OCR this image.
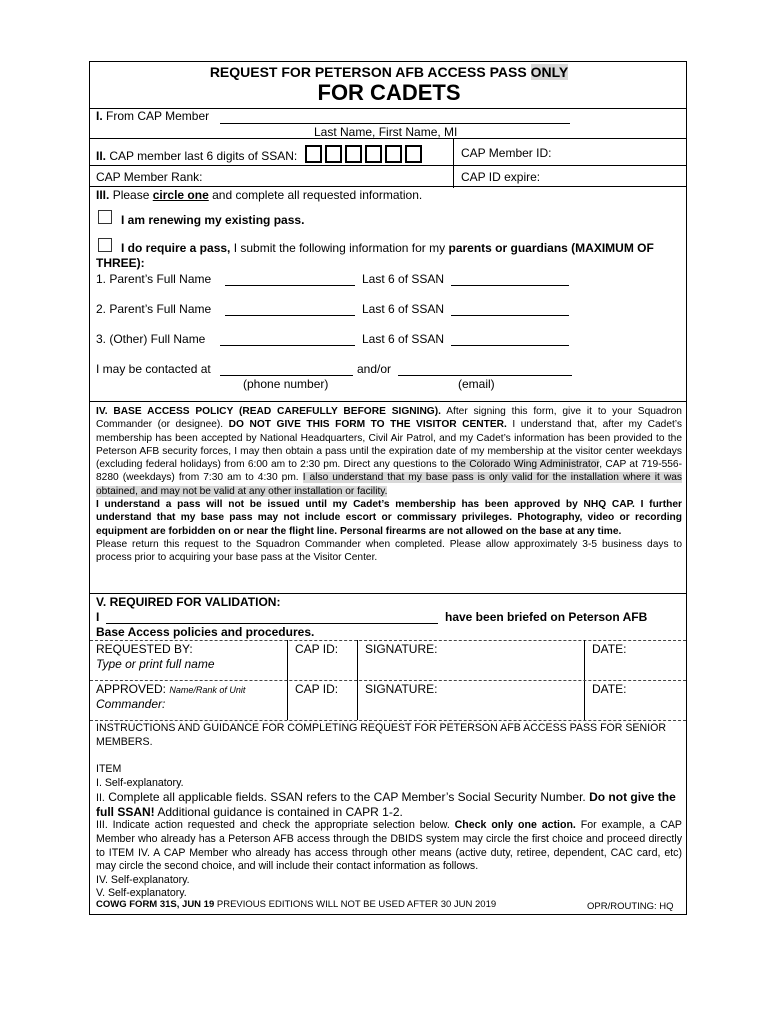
REQUEST FOR PETERSON AFB ACCESS PASS ONLY
FOR CADETS
I. From CAP Member
Last Name, First Name, MI
II. CAP member last 6 digits of SSAN:	CAP Member ID:
CAP Member Rank:	CAP ID expire:
III. Please circle one and complete all requested information.
I am renewing my existing pass.
I do require a pass, I submit the following information for my parents or guardians (MAXIMUM OF
THREE):
1. Parent’s Full Name	Last 6 of SSAN
2. Parent’s Full Name	Last 6 of SSAN
3. (Other) Full Name	Last 6 of SSAN
I may be contacted at	and/or
(phone number)	(email)
IV. BASE ACCESS POLICY (READ CAREFULLY BEFORE SIGNING). After signing this form, give it to your Squadron Commander (or designee). DO NOT GIVE THIS FORM TO THE VISITOR CENTER. I understand that, after my Cadet’s membership has been accepted by National Headquarters, Civil Air Patrol, and my Cadet’s information has been provided to the Peterson AFB security forces, I may then obtain a pass until the expiration date of my membership at the visitor center weekdays (excluding federal holidays) from 6:00 am to 2:30 pm. Direct any questions to the Colorado Wing Administrator, CAP at 719-556-8280 (weekdays) from 7:30 am to 4:30 pm. I also understand that my base pass is only valid for the installation where it was obtained, and may not be valid at any other installation or facility.
I understand a pass will not be issued until my Cadet’s membership has been approved by NHQ CAP. I further understand that my base pass may not include escort or commissary privileges. Photography, video or recording equipment are forbidden on or near the flight line. Personal firearms are not allowed on the base at any time.
Please return this request to the Squadron Commander when completed. Please allow approximately 3-5 business days to process prior to acquiring your base pass at the Visitor Center.
V. REQUIRED FOR VALIDATION:
I	have been briefed on Peterson AFB
Base Access policies and procedures.
REQUESTED BY:
Type or print full name
CAP ID: SIGNATURE:	DATE:
APPROVED: Name/Rank of Unit
Commander:
CAP ID: SIGNATURE:	DATE:
INSTRUCTIONS AND GUIDANCE FOR COMPLETING REQUEST FOR PETERSON AFB ACCESS PASS FOR SENIOR MEMBERS.
ITEM
I. Self-explanatory.
II. Complete all applicable fields. SSAN refers to the CAP Member’s Social Security Number. Do not give the full SSAN! Additional guidance is contained in CAPR 1-2.
III. Indicate action requested and check the appropriate selection below. Check only one action. For example, a CAP Member who already has a Peterson AFB access through the DBIDS system may circle the first choice and proceed directly to ITEM IV. A CAP Member who already has access through other means (active duty, retiree, dependent, CAC card, etc) may circle the second choice, and will include their contact information as follows.
IV. Self-explanatory.
V. Self-explanatory.
COWG FORM 31S, JUN 19 PREVIOUS EDITIONS WILL NOT BE USED AFTER 30 JUN 2019	OPR/ROUTING: HQ
